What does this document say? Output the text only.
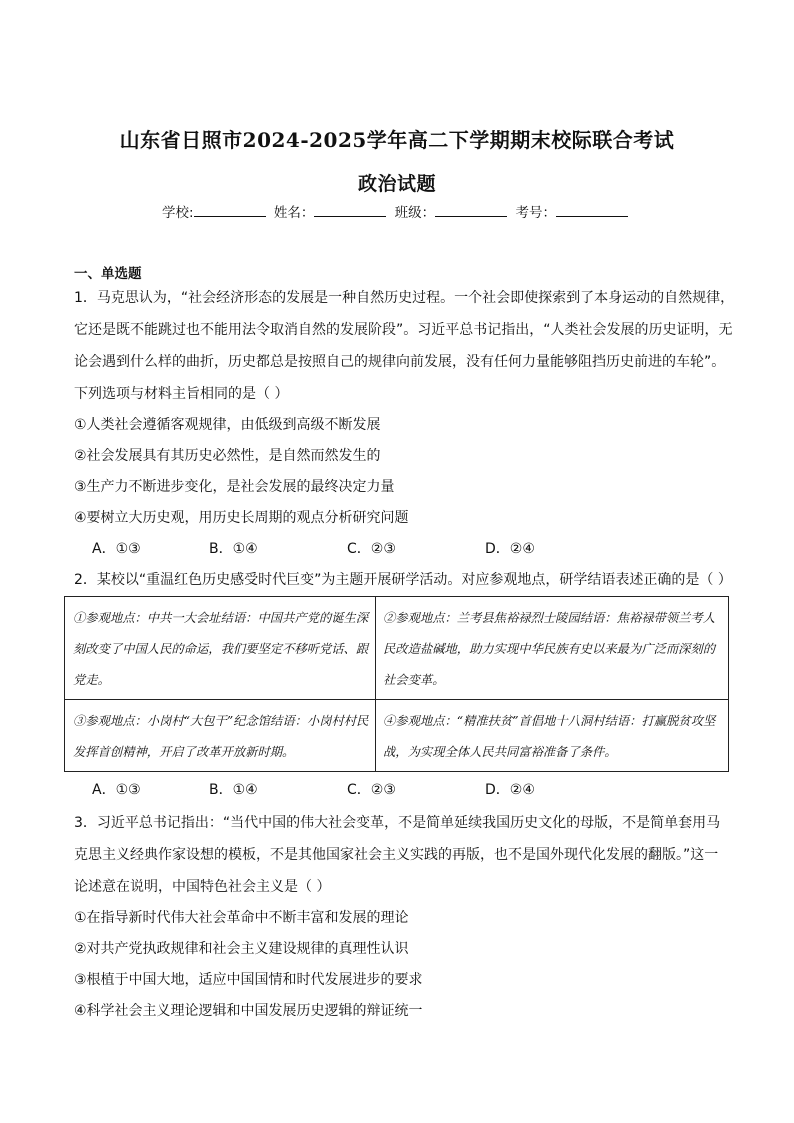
山东省日照市2024-2025学年高二下学期期末校际联合考试
政治试题
学校:	姓名：	班级：	考号：
一、单选题
1．马克思认为，“社会经济形态的发展是一种自然历史过程。一个社会即使探索到了本身运动的自然规律，
它还是既不能跳过也不能用法令取消自然的发展阶段”。习近平总书记指出，“人类社会发展的历史证明，无
论会遇到什么样的曲折，历史都总是按照自己的规律向前发展，没有任何力量能够阻挡历史前进的车轮”。
下列选项与材料主旨相同的是（ ）
①人类社会遵循客观规律，由低级到高级不断发展
②社会发展具有其历史必然性，是自然而然发生的
③生产力不断进步变化，是社会发展的最终决定力量
④要树立大历史观，用历史长周期的观点分析研究问题
A．①③	B．①④	C．②③	D．②④
2．某校以“重温红色历史感受时代巨变”为主题开展研学活动。对应参观地点，研学结语表述正确的是（ ）
①参观地点：中共一大会址结语：中国共产党的诞生深刻改变了中国人民的命运，我们要坚定不移听党话、跟党走。
②参观地点：兰考县焦裕禄烈士陵园结语：焦裕禄带领兰考人民改造盐碱地，助力实现中华民族有史以来最为广泛而深刻的社会变革。
③参观地点：小岗村“大包干”纪念馆结语：小岗村村民发挥首创精神，开启了改革开放新时期。
④参观地点：“精准扶贫”首倡地十八洞村结语：打赢脱贫攻坚战，为实现全体人民共同富裕准备了条件。
A．①③	B．①④	C．②③	D．②④
3．习近平总书记指出：“当代中国的伟大社会变革，不是简单延续我国历史文化的母版，不是简单套用马
克思主义经典作家设想的模板，不是其他国家社会主义实践的再版，也不是国外现代化发展的翻版。”这一
论述意在说明，中国特色社会主义是（ ）
①在指导新时代伟大社会革命中不断丰富和发展的理论
②对共产党执政规律和社会主义建设规律的真理性认识
③根植于中国大地，适应中国国情和时代发展进步的要求
④科学社会主义理论逻辑和中国发展历史逻辑的辩证统一
